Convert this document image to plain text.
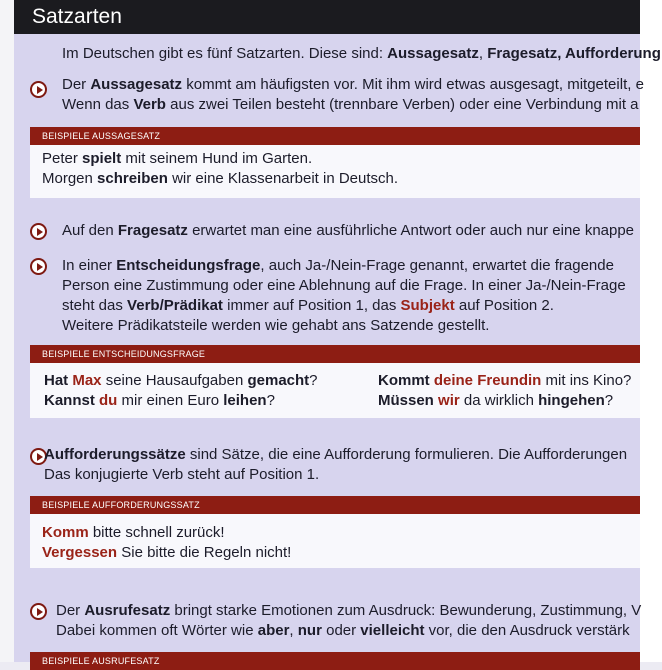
Satzarten
Im Deutschen gibt es fünf Satzarten. Diese sind: Aussagesatz, Fragesatz, Aufforderung
Der Aussagesatz kommt am häufigsten vor. Mit ihm wird etwas ausgesagt, mitgeteilt, e
Wenn das Verb aus zwei Teilen besteht (trennbare Verben) oder eine Verbindung mit a
BEISPIELE AUSSAGESATZ
Peter spielt mit seinem Hund im Garten.
Morgen schreiben wir eine Klassenarbeit in Deutsch.
Auf den Fragesatz erwartet man eine ausführliche Antwort oder auch nur eine knappe
In einer Entscheidungsfrage, auch Ja-/Nein-Frage genannt, erwartet die fragende
Person eine Zustimmung oder eine Ablehnung auf die Frage. In einer Ja-/Nein-Frage
steht das Verb/Prädikat immer auf Position 1, das Subjekt auf Position 2.
Weitere Prädikatsteile werden wie gehabt ans Satzende gestellt.
BEISPIELE ENTSCHEIDUNGSFRAGE
Hat Max seine Hausaufgaben gemacht?
Kannst du mir einen Euro leihen?
Kommt deine Freundin mit ins Kino?
Müssen wir da wirklich hingehen?
Aufforderungssätze sind Sätze, die eine Aufforderung formulieren. Die Aufforderungen
Das konjugierte Verb steht auf Position 1.
BEISPIELE AUFFORDERUNGSSATZ
Komm bitte schnell zurück!
Vergessen Sie bitte die Regeln nicht!
Der Ausrufesatz bringt starke Emotionen zum Ausdruck: Bewunderung, Zustimmung, V
Dabei kommen oft Wörter wie aber, nur oder vielleicht vor, die den Ausdruck verstärk
BEISPIELE AUSRUFESATZ
